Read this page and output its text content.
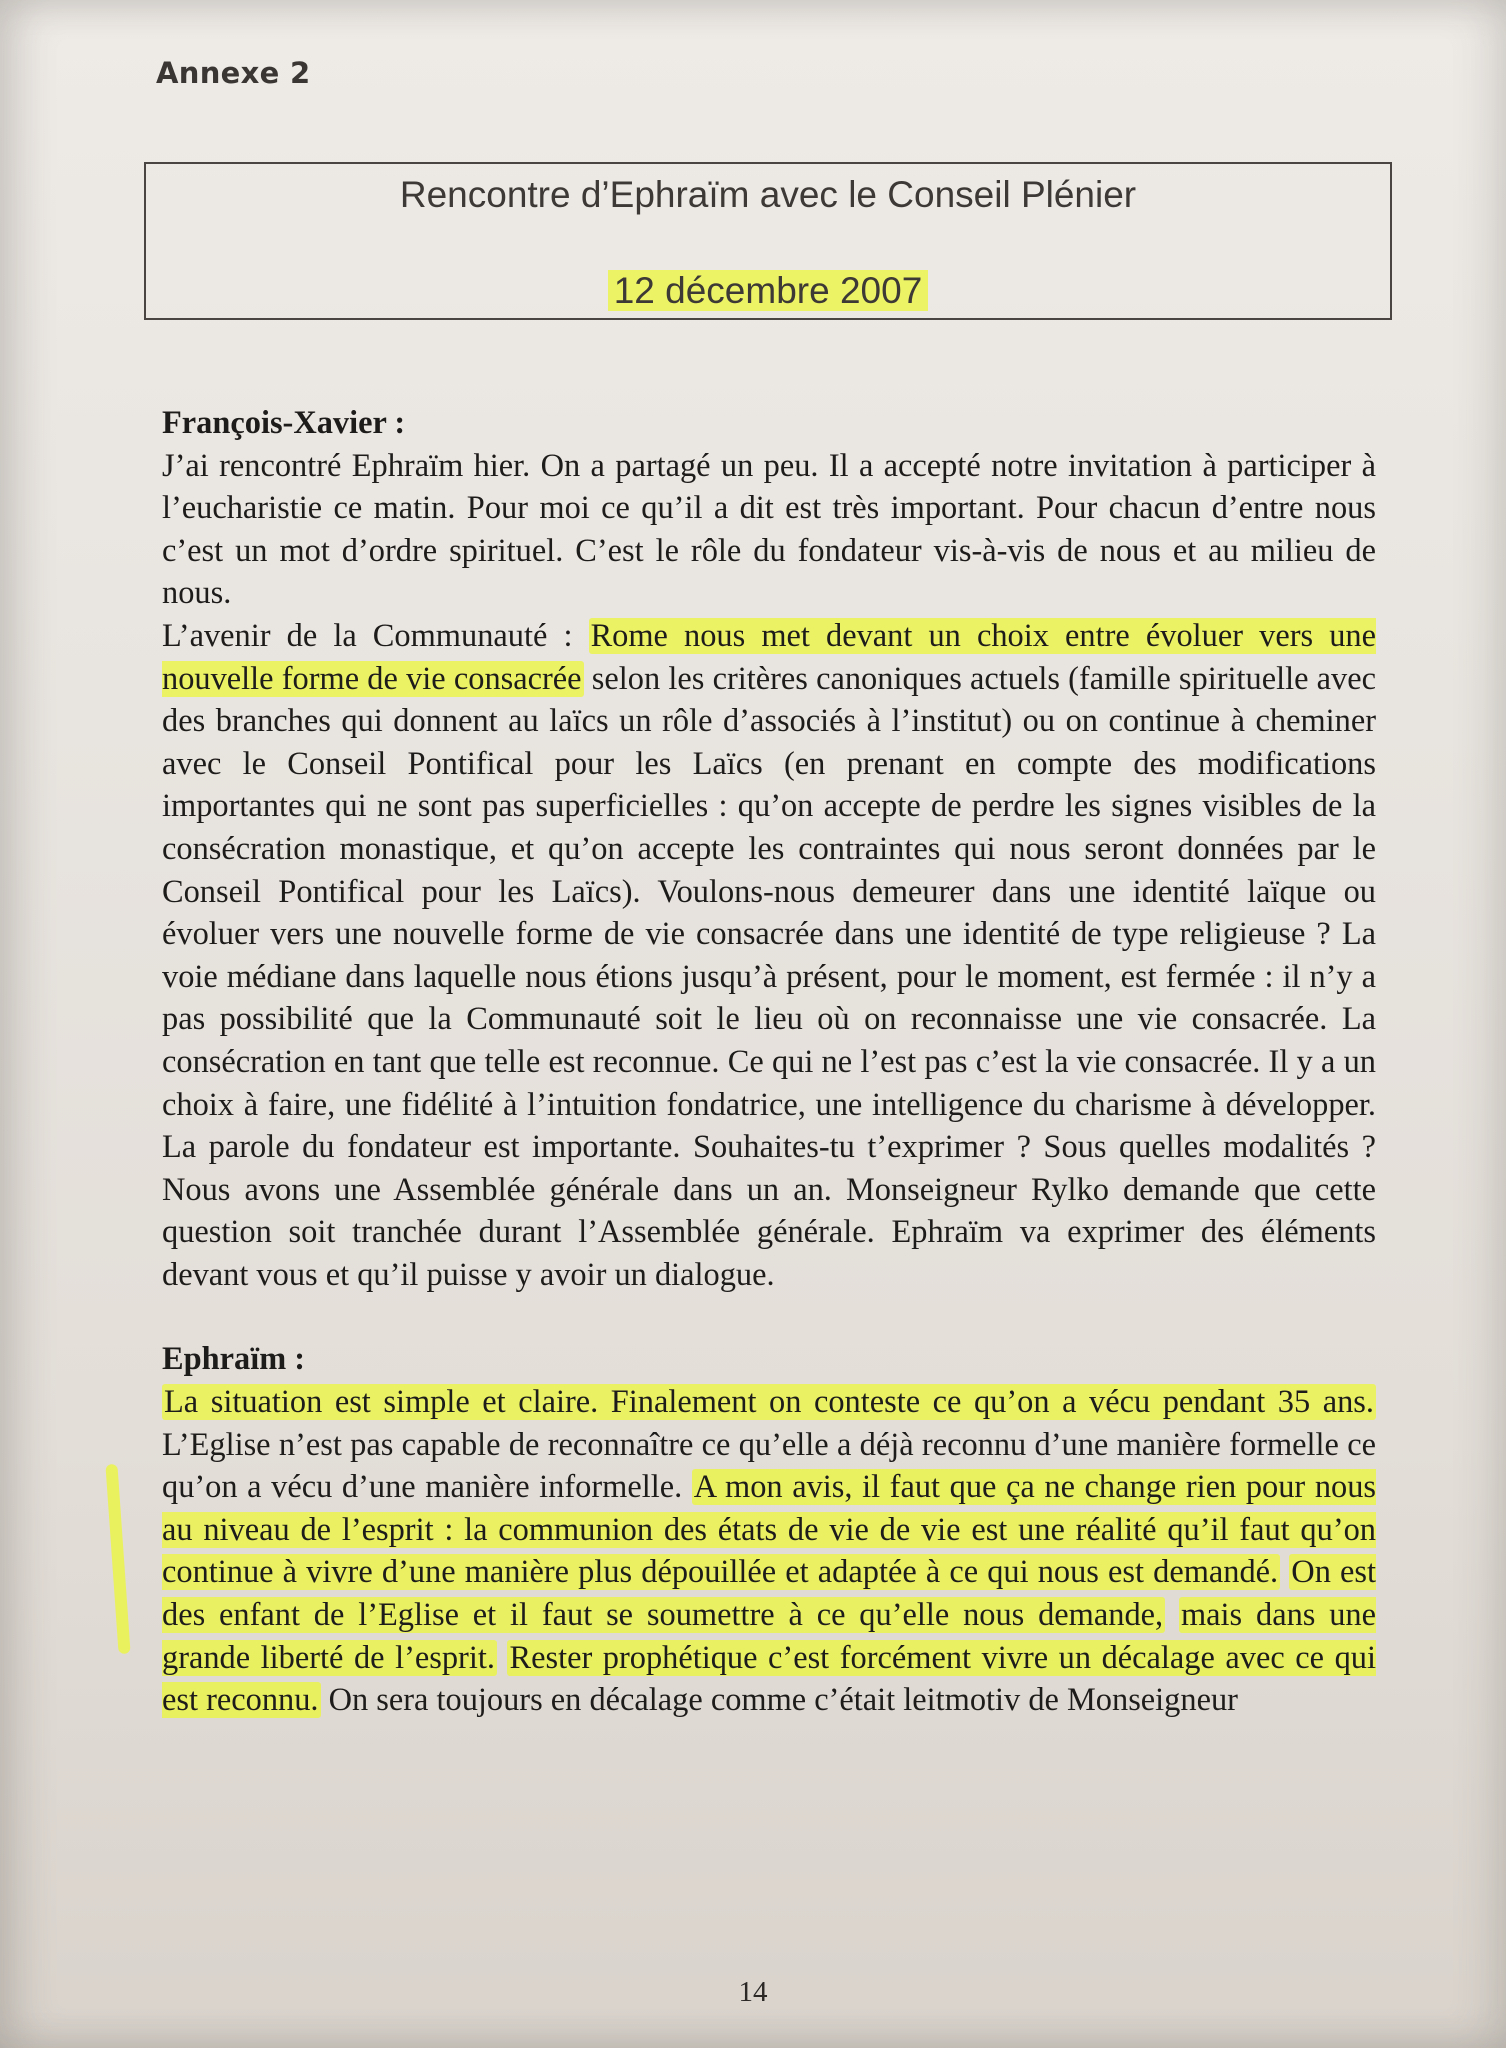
Annexe 2
Rencontre d’Ephraïm avec le Conseil Plénier
12 décembre 2007

François-Xavier :

J’ai rencontré Ephraïm hier. On a partagé un peu. Il a accepté notre invitation à participer à l’eucharistie ce matin. Pour moi ce qu’il a dit est très important. Pour chacun d’entre nous c’est un mot d’ordre spirituel. C’est le rôle du fondateur vis-à-vis de nous et au milieu de nous.

L’avenir de la Communauté : Rome nous met devant un choix entre évoluer vers une nouvelle forme de vie consacrée selon les critères canoniques actuels (famille spirituelle avec des branches qui donnent au laïcs un rôle d’associés à l’institut) ou on continue à cheminer avec le Conseil Pontifical pour les Laïcs (en prenant en compte des modifications importantes qui ne sont pas superficielles : qu’on accepte de perdre les signes visibles de la consécration monastique, et qu’on accepte les contraintes qui nous seront données par le Conseil Pontifical pour les Laïcs). Voulons-nous demeurer dans une identité laïque ou évoluer vers une nouvelle forme de vie consacrée dans une identité de type religieuse ? La voie médiane dans laquelle nous étions jusqu’à présent, pour le moment, est fermée : il n’y a pas possibilité que la Communauté soit le lieu où on reconnaisse une vie consacrée. La consécration en tant que telle est reconnue. Ce qui ne l’est pas c’est la vie consacrée. Il y a un choix à faire, une fidélité à l’intuition fondatrice, une intelligence du charisme à développer. La parole du fondateur est importante. Souhaites-tu t’exprimer ? Sous quelles modalités ? Nous avons une Assemblée générale dans un an. Monseigneur Rylko demande que cette question soit tranchée durant l’Assemblée générale. Ephraïm va exprimer des éléments devant vous et qu’il puisse y avoir un dialogue.

Ephraïm :

La situation est simple et claire. Finalement on conteste ce qu’on a vécu pendant 35 ans. L’Eglise n’est pas capable de reconnaître ce qu’elle a déjà reconnu d’une manière formelle ce qu’on a vécu d’une manière informelle. A mon avis, il faut que ça ne change rien pour nous au niveau de l’esprit : la communion des états de vie de vie est une réalité qu’il faut qu’on continue à vivre d’une manière plus dépouillée et adaptée à ce qui nous est demandé. On est des enfant de l’Eglise et il faut se soumettre à ce qu’elle nous demande, mais dans une grande liberté de l’esprit. Rester prophétique c’est forcément vivre un décalage avec ce qui est reconnu. On sera toujours en décalage comme c’était leitmotiv de Monseigneur

14
